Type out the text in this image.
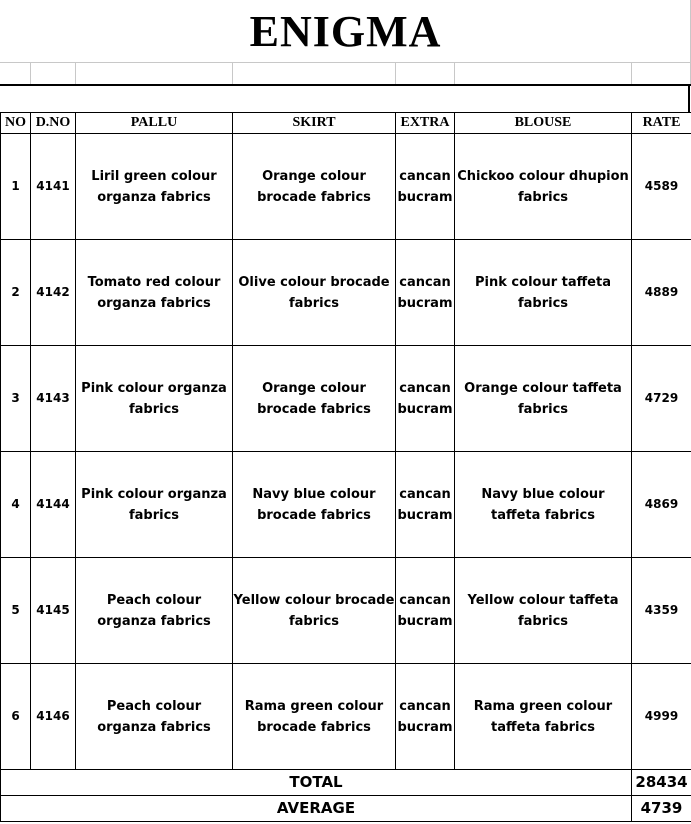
ENIGMA
NO	D.NO	PALLU	SKIRT	EXTRA	BLOUSE	RATE
1	4141	Liril green colour organza fabrics	Orange colour brocade fabrics	cancan bucram	Chickoo colour dhupion fabrics	4589
2	4142	Tomato red colour organza fabrics	Olive colour brocade fabrics	cancan bucram	Pink colour taffeta fabrics	4889
3	4143	Pink colour organza fabrics	Orange colour brocade fabrics	cancan bucram	Orange colour taffeta fabrics	4729
4	4144	Pink colour organza fabrics	Navy blue colour brocade fabrics	cancan bucram	Navy blue colour taffeta fabrics	4869
5	4145	Peach colour organza fabrics	Yellow colour brocade fabrics	cancan bucram	Yellow colour taffeta fabrics	4359
6	4146	Peach colour organza fabrics	Rama green colour brocade fabrics	cancan bucram	Rama green colour taffeta fabrics	4999
TOTAL						28434
AVERAGE						4739
